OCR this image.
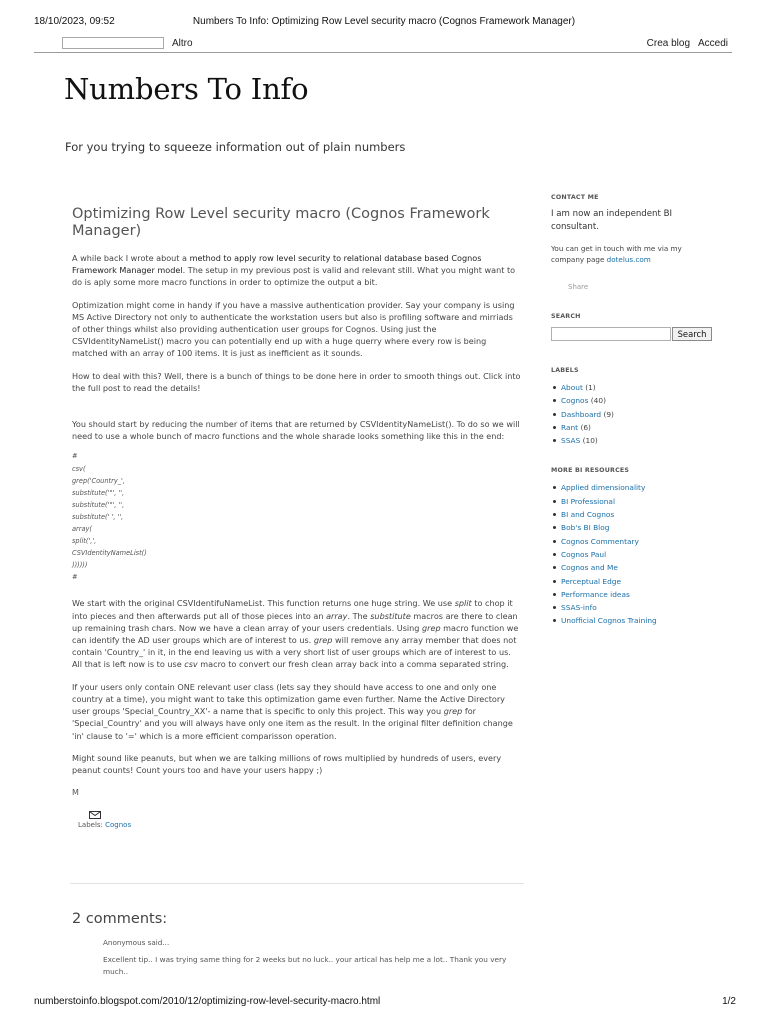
18/10/2023, 09:52	Numbers To Info: Optimizing Row Level security macro (Cognos Framework Manager)
Altro	Crea blog Accedi
Numbers To Info

For you trying to squeeze information out of plain numbers

Optimizing Row Level security macro (Cognos Framework Manager)

A while back I wrote about a method to apply row level security to relational database based Cognos Framework Manager model. The setup in my previous post is valid and relevant still. What you might want to do is aply some more macro functions in order to optimize the output a bit.

Optimization might come in handy if you have a massive authentication provider. Say your company is using MS Active Directory not only to authenticate the workstation users but also is profiling software and mirriads of other things whilst also providing authentication user groups for Cognos. Using just the CSVIdentityNameList() macro you can potentially end up with a huge querry where every row is being matched with an array of 100 items. It is just as inefficient as it sounds.

How to deal with this? Well, there is a bunch of things to be done here in order to smooth things out. Click into the full post to read the details!

You should start by reducing the number of items that are returned by CSVIdentityNameList(). To do so we will need to use a whole bunch of macro functions and the whole sharade looks something like this in the end:

#
csv(
grep('Country_',
substitute('"', '',
substitute('"', '',
substitute(' ', '',
array(
split(',',
CSVIdentityNameList()
))))))
#

We start with the original CSVIdentifuNameList. This function returns one huge string. We use split to chop it into pieces and then afterwards put all of those pieces into an array. The substitute macros are there to clean up remaining trash chars. Now we have a clean array of your users credentials. Using grep macro function we can identify the AD user groups which are of interest to us. grep will remove any array member that does not contain 'Country_' in it, in the end leaving us with a very short list of user groups which are of interest to us. All that is left now is to use csv macro to convert our fresh clean array back into a comma separated string.

If your users only contain ONE relevant user class (lets say they should have access to one and only one country at a time), you might want to take this optimization game even further. Name the Active Directory user groups 'Special_Country_XX'- a name that is specific to only this project. This way you grep for 'Special_Country' and you will always have only one item as the result. In the original filter definition change 'in' clause to '=' which is a more efficient comparisson operation.

Might sound like peanuts, but when we are talking millions of rows multiplied by hundreds of users, every peanut counts! Count yours too and have your users happy ;)

M
Labels: Cognos
2 comments:
Anonymous said...
Excellent tip.. I was trying same thing for 2 weeks but no luck.. your artical has help me a lot.. Thank you very much..
CONTACT ME

I am now an independent BI consultant.

You can get in touch with me via my company page dotelus.com

Share
SEARCH
Search
LABELS
About (1)
Cognos (40)
Dashboard (9)
Rant (6)
SSAS (10)
MORE BI RESOURCES
Applied dimensionality
BI Professional
BI and Cognos
Bob's BI Blog
Cognos Commentary
Cognos Paul
Cognos and Me
Perceptual Edge
Performance ideas
SSAS-info
Unofficial Cognos Training
numberstoinfo.blogspot.com/2010/12/optimizing-row-level-security-macro.html	1/2
